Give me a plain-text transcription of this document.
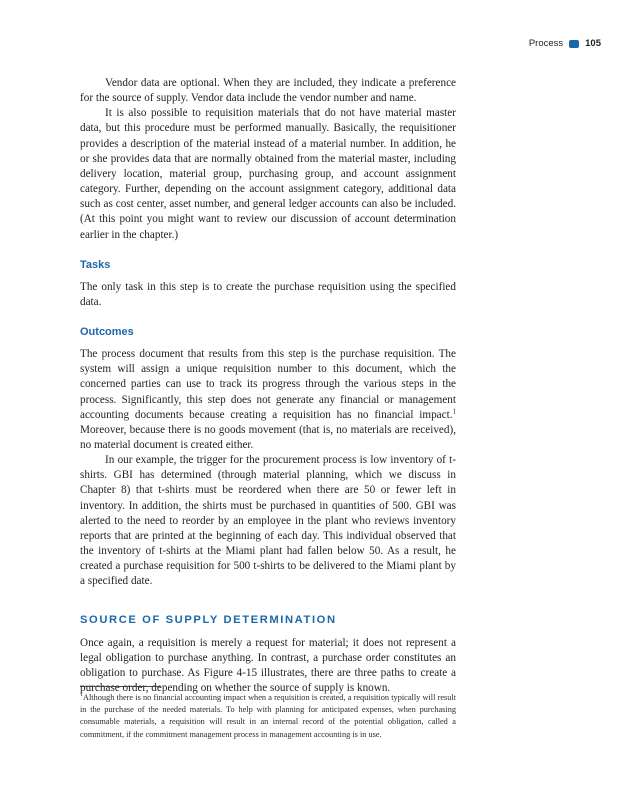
Process 105

Vendor data are optional. When they are included, they indicate a preference for the source of supply. Vendor data include the vendor number and name.

It is also possible to requisition materials that do not have material master data, but this procedure must be performed manually. Basically, the requisitioner provides a description of the material instead of a material number. In addition, he or she provides data that are normally obtained from the material master, including delivery location, material group, purchasing group, and account assignment category. Further, depending on the account assignment category, additional data such as cost center, asset number, and general ledger accounts can also be included. (At this point you might want to review our discussion of account determination earlier in the chapter.)

Tasks

The only task in this step is to create the purchase requisition using the specified data.

Outcomes

The process document that results from this step is the purchase requisition. The system will assign a unique requisition number to this document, which the concerned parties can use to track its progress through the various steps in the process. Significantly, this step does not generate any financial or management accounting documents because creating a requisition has no financial impact.$^1$ Moreover, because there is no goods movement (that is, no materials are received), no material document is created either.

In our example, the trigger for the procurement process is low inventory of t-shirts. GBI has determined (through material planning, which we discuss in Chapter 8) that t-shirts must be reordered when there are 50 or fewer left in inventory. In addition, the shirts must be purchased in quantities of 500. GBI was alerted to the need to reorder by an employee in the plant who reviews inventory reports that are printed at the beginning of each day. This individual observed that the inventory of t-shirts at the Miami plant had fallen below 50. As a result, he created a purchase requisition for 500 t-shirts to be delivered to the Miami plant by a specified date.

SOURCE OF SUPPLY DETERMINATION

Once again, a requisition is merely a request for material; it does not represent a legal obligation to purchase anything. In contrast, a purchase order constitutes an obligation to purchase. As Figure 4-15 illustrates, there are three paths to create a purchase order, depending on whether the source of supply is known.

$^1$Although there is no financial accounting impact when a requisition is created, a requisition typically will result in the purchase of the needed materials. To help with planning for anticipated expenses, when purchasing consumable materials, a requisition will result in an internal record of the potential obligation, called a commitment, if the commitment management process in management accounting is in use.
